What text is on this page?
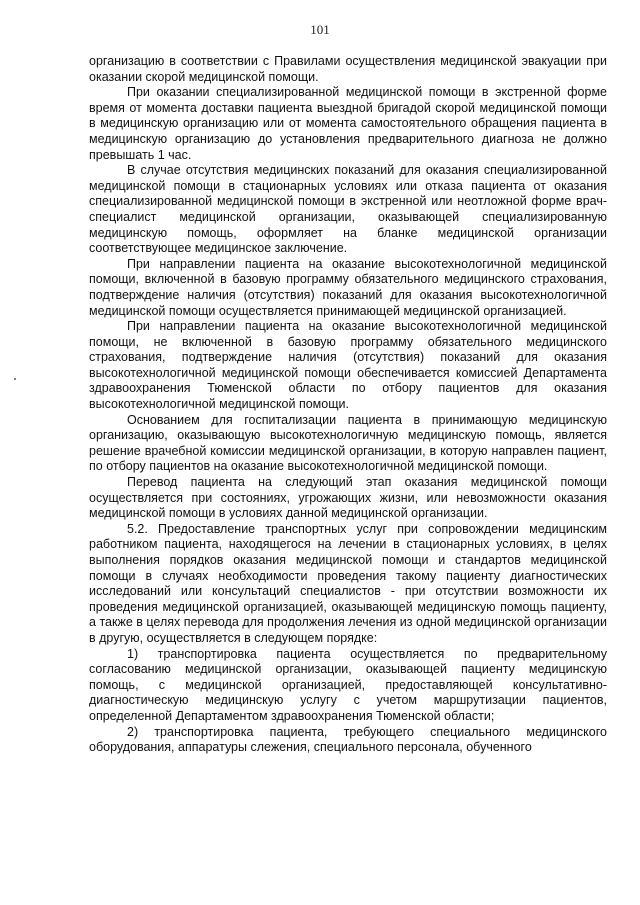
101

организацию в соответствии с Правилами осуществления медицинской эвакуации при оказании скорой медицинской помощи.

При оказании специализированной медицинской помощи в экстренной форме время от момента доставки пациента выездной бригадой скорой медицинской помощи в медицинскую организацию или от момента самостоятельного обращения пациента в медицинскую организацию до установления предварительного диагноза не должно превышать 1 час.

В случае отсутствия медицинских показаний для оказания специализированной медицинской помощи в стационарных условиях или отказа пациента от оказания специализированной медицинской помощи в экстренной или неотложной форме врач-специалист медицинской организации, оказывающей специализированную медицинскую помощь, оформляет на бланке медицинской организации соответствующее медицинское заключение.

При направлении пациента на оказание высокотехнологичной медицинской помощи, включенной в базовую программу обязательного медицинского страхования, подтверждение наличия (отсутствия) показаний для оказания высокотехнологичной медицинской помощи осуществляется принимающей медицинской организацией.

При направлении пациента на оказание высокотехнологичной медицинской помощи, не включенной в базовую программу обязательного медицинского страхования, подтверждение наличия (отсутствия) показаний для оказания высокотехнологичной медицинской помощи обеспечивается комиссией Департамента здравоохранения Тюменской области по отбору пациентов для оказания высокотехнологичной медицинской помощи.

Основанием для госпитализации пациента в принимающую медицинскую организацию, оказывающую высокотехнологичную медицинскую помощь, является решение врачебной комиссии медицинской организации, в которую направлен пациент, по отбору пациентов на оказание высокотехнологичной медицинской помощи.

Перевод пациента на следующий этап оказания медицинской помощи осуществляется при состояниях, угрожающих жизни, или невозможности оказания медицинской помощи в условиях данной медицинской организации.

5.2. Предоставление транспортных услуг при сопровождении медицинским работником пациента, находящегося на лечении в стационарных условиях, в целях выполнения порядков оказания медицинской помощи и стандартов медицинской помощи в случаях необходимости проведения такому пациенту диагностических исследований или консультаций специалистов - при отсутствии возможности их проведения медицинской организацией, оказывающей медицинскую помощь пациенту, а также в целях перевода для продолжения лечения из одной медицинской организации в другую, осуществляется в следующем порядке:

1) транспортировка пациента осуществляется по предварительному согласованию медицинской организации, оказывающей пациенту медицинскую помощь, с медицинской организацией, предоставляющей консультативно-диагностическую медицинскую услугу с учетом маршрутизации пациентов, определенной Департаментом здравоохранения Тюменской области;

2) транспортировка пациента, требующего специального медицинского оборудования, аппаратуры слежения, специального персонала, обученного
